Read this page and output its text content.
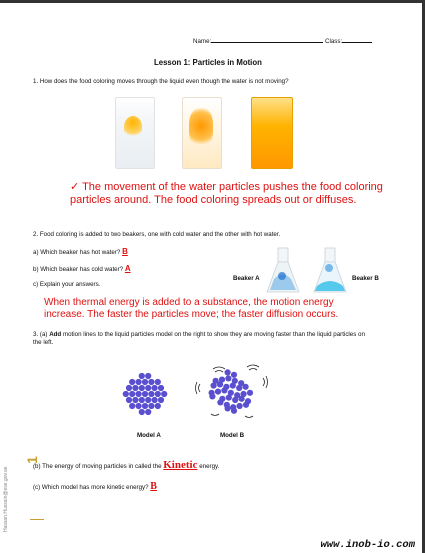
Name:	Class:
Lesson 1: Particles in Motion
1. How does the food coloring moves through the liquid even though the water is not moving?
✓ The movement of the water particles pushes the food coloring particles around. The food coloring spreads out or diffuses.
2. Food coloring is added to two beakers, one with cold water and the other with hot water.
a) Which beaker has hot water? B
b) Which beaker has cold water? A
c) Explain your answers.
Beaker A	Beaker B
When thermal energy is added to a substance, the motion energy increase. The faster the particles move; the faster diffusion occurs.
3. (a) Add motion lines to the liquid particles model on the right to show they are moving faster than the liquid particles on the left.
Model A	Model B
(b) The energy of moving particles in called the Kinetic energy.
(c) Which model has more kinetic energy? B
Hassan.Hussain@ese.gov.ae
1
www.inob-io.com
